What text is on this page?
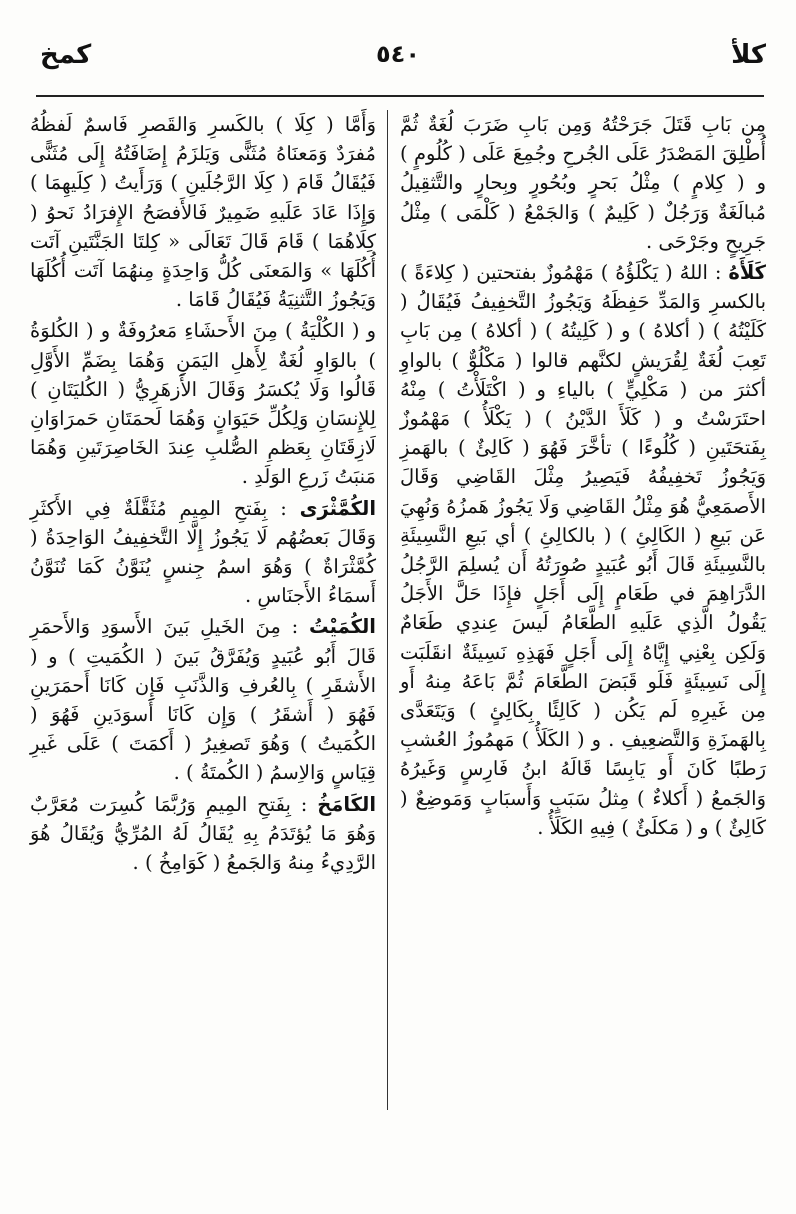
كمخ	٥٤٠	كلأ

مِن بَابِ قَتَلَ جَرَحْتُهُ وَمِن بَابِ ضَرَبَ لُغَةٌ ثُمَّ أُطْلِقَ المَصْدَرُ عَلَى الجُرحِ وجُمِعَ عَلَى ( كُلُومٍ ) و ( كِلامٍ ) مِثْلُ بَحرٍ وبُحُورٍ وبِحارٍ والتَّثقِيلُ مُبالَغَةٌ وَرَجُلٌ ( كَلِيمٌ ) وَالجَمْعُ ( كَلْمَى ) مِثْلُ جَرِيحٍ وجَرْحَى .

كَلَأَهُ : اللهُ ( يَكْلَؤُهُ ) مَهْمُوزٌ بفتحتين ( كِلاءَةً ) بالكسرِ وَالمَدِّ حَفِظَهُ وَيَجُوزُ التَّخفِيفُ فَيُقَالُ ( كَلَيْتُهُ ) ( أكلاهُ ) و ( كَلِيتُهُ ) ( أكلاهُ ) مِن بَابِ تَعِبَ لُغَةٌ لِقُرَيشٍ لكنَّهم قالوا ( مَكْلُوٌّ ) بالواوِ أكثرَ من ( مَكْلِيٍّ ) بالياءِ و ( اكْتَلَأْتُ ) مِنْهُ احتَرَسْتُ و ( كَلَأَ الدَّيْنُ ) ( يَكْلَأُ ) مَهْمُوزٌ بِفَتحَتَينِ ( كُلُوءًا ) تأخَّرَ فَهُوَ ( كَالِئٌ ) بالهَمزِ وَيَجُوزُ تَخفِيفُهُ فَيَصِيرُ مِثْلَ القَاضِي وَقَالَ الأَصمَعِيُّ هُوَ مِثْلُ القَاضِي وَلَا يَجُوزُ هَمزُهُ وَنُهِيَ عَن بَيعِ ( الكَالِئِ ) ( بالكالِئِ ) أي بَيعِ النَّسِيئَةِ بالنَّسِيئَةِ قَالَ أَبُو عُبَيدٍ صُورَتُهُ أَن يُسلِمَ الرَّجُلُ الدَّرَاهِمَ في طَعَامٍ إِلَى أَجَلٍ فإِذَا حَلَّ الأَجَلُ يَقُولُ الَّذِي عَلَيهِ الطَّعَامُ لَيسَ عِندِي طَعَامٌ وَلَكِن بِعْنِي إِيَّاهُ إِلَى أَجَلٍ فَهَذِهِ نَسِيئَةٌ انقَلَبَت إِلَى نَسِيئَةٍ فَلَو قَبَضَ الطَّعَامَ ثُمَّ بَاعَهُ مِنهُ أَو مِن غَيرِهِ لَم يَكُن ( كَالِئًا بِكَالِئٍ ) وَيَتَعَدَّى بِالهَمزَةِ وَالتَّضعِيفِ . و ( الكَلَأُ ) مَهمُوزُ العُشبِ رَطبًا كَانَ أَو يَابِسًا قَالَهُ ابنُ فَارِسٍ وَغَيرُهُ وَالجَمعُ ( أَكلاءٌ ) مِثلُ سَبَبٍ وَأَسبَابٍ وَمَوضِعٌ ( كَالِئٌ ) و ( مَكلَئٌ ) فِيهِ الكَلَأُ .

وَأَمَّا ( كِلَا ) بالكَسرِ وَالقَصرِ فَاسمٌ لَفظُهُ مُفرَدٌ وَمَعنَاهُ مُثَنًّى وَيَلزَمُ إِضَافَتُهُ إِلَى مُثَنًّى فَيُقَالُ قَامَ ( كِلَا الرَّجُلَينِ ) وَرَأَيتُ ( كِلَيهِمَا ) وَإِذَا عَادَ عَلَيهِ ضَمِيرٌ فَالأَفصَحُ الإِفرَادُ نَحوُ ( كِلَاهُمَا ) قَامَ قَالَ تَعَالَى « كِلتَا الجَنَّتَينِ آتَت أُكُلَهَا » وَالمَعنَى كُلُّ وَاحِدَةٍ مِنهُمَا آتَت أُكُلَهَا وَيَجُوزُ التَّثنِيَةُ فَيُقَالُ قَامَا .

و ( الكُلْيَةُ ) مِنَ الأَحشَاءِ مَعرُوفَةٌ و ( الكُلوَةُ ) بالوَاوِ لُغَةٌ لِأَهلِ اليَمَنِ وَهُمَا بِضَمِّ الأَوَّلِ قَالُوا وَلَا يُكسَرُ وَقَالَ الأَزهَرِيُّ ( الكُليَتَانِ ) لِلإِنسَانِ وَلِكُلِّ حَيَوَانٍ وَهُمَا لَحمَتَانِ حَمرَاوَانِ لَازِقَتَانِ بِعَظمِ الصُّلبِ عِندَ الخَاصِرَتَينِ وَهُمَا مَنبَتُ زَرعِ الوَلَدِ .

الكُمَّثْرَى : بِفَتحِ المِيمِ مُثَقَّلَةٌ فِي الأَكثَرِ وَقَالَ بَعضُهُم لَا يَجُوزُ إِلَّا التَّخفِيفُ الوَاحِدَةُ ( كُمَّثْرَاةٌ ) وَهُوَ اسمُ جِنسٍ يُنَوَّنُ كَمَا تُنَوَّنُ أَسمَاءُ الأَجنَاسِ .

الكُمَيْتُ : مِنَ الخَيلِ بَينَ الأَسوَدِ وَالأَحمَرِ قَالَ أَبُو عُبَيدٍ وَيُفَرَّقُ بَينَ ( الكُمَيتِ ) و ( الأَشقَرِ ) بِالعُرفِ وَالذَّنَبِ فَإِن كَانَا أَحمَرَينِ فَهُوَ ( أَشقَرُ ) وَإِن كَانَا أَسوَدَينِ فَهُوَ ( الكُمَيتُ ) وَهُوَ تَصغِيرُ ( أَكمَتَ ) عَلَى غَيرِ قِيَاسٍ وَالاِسمُ ( الكُمتَةُ ) .

الكَامَخُ : بِفَتحِ المِيمِ وَرُبَّمَا كُسِرَت مُعَرَّبٌ وَهُوَ مَا يُؤتَدَمُ بِهِ يُقَالُ لَهُ المُرِّيُّ وَيُقَالُ هُوَ الرَّدِيءُ مِنهُ وَالجَمعُ ( كَوَامِخُ ) .
